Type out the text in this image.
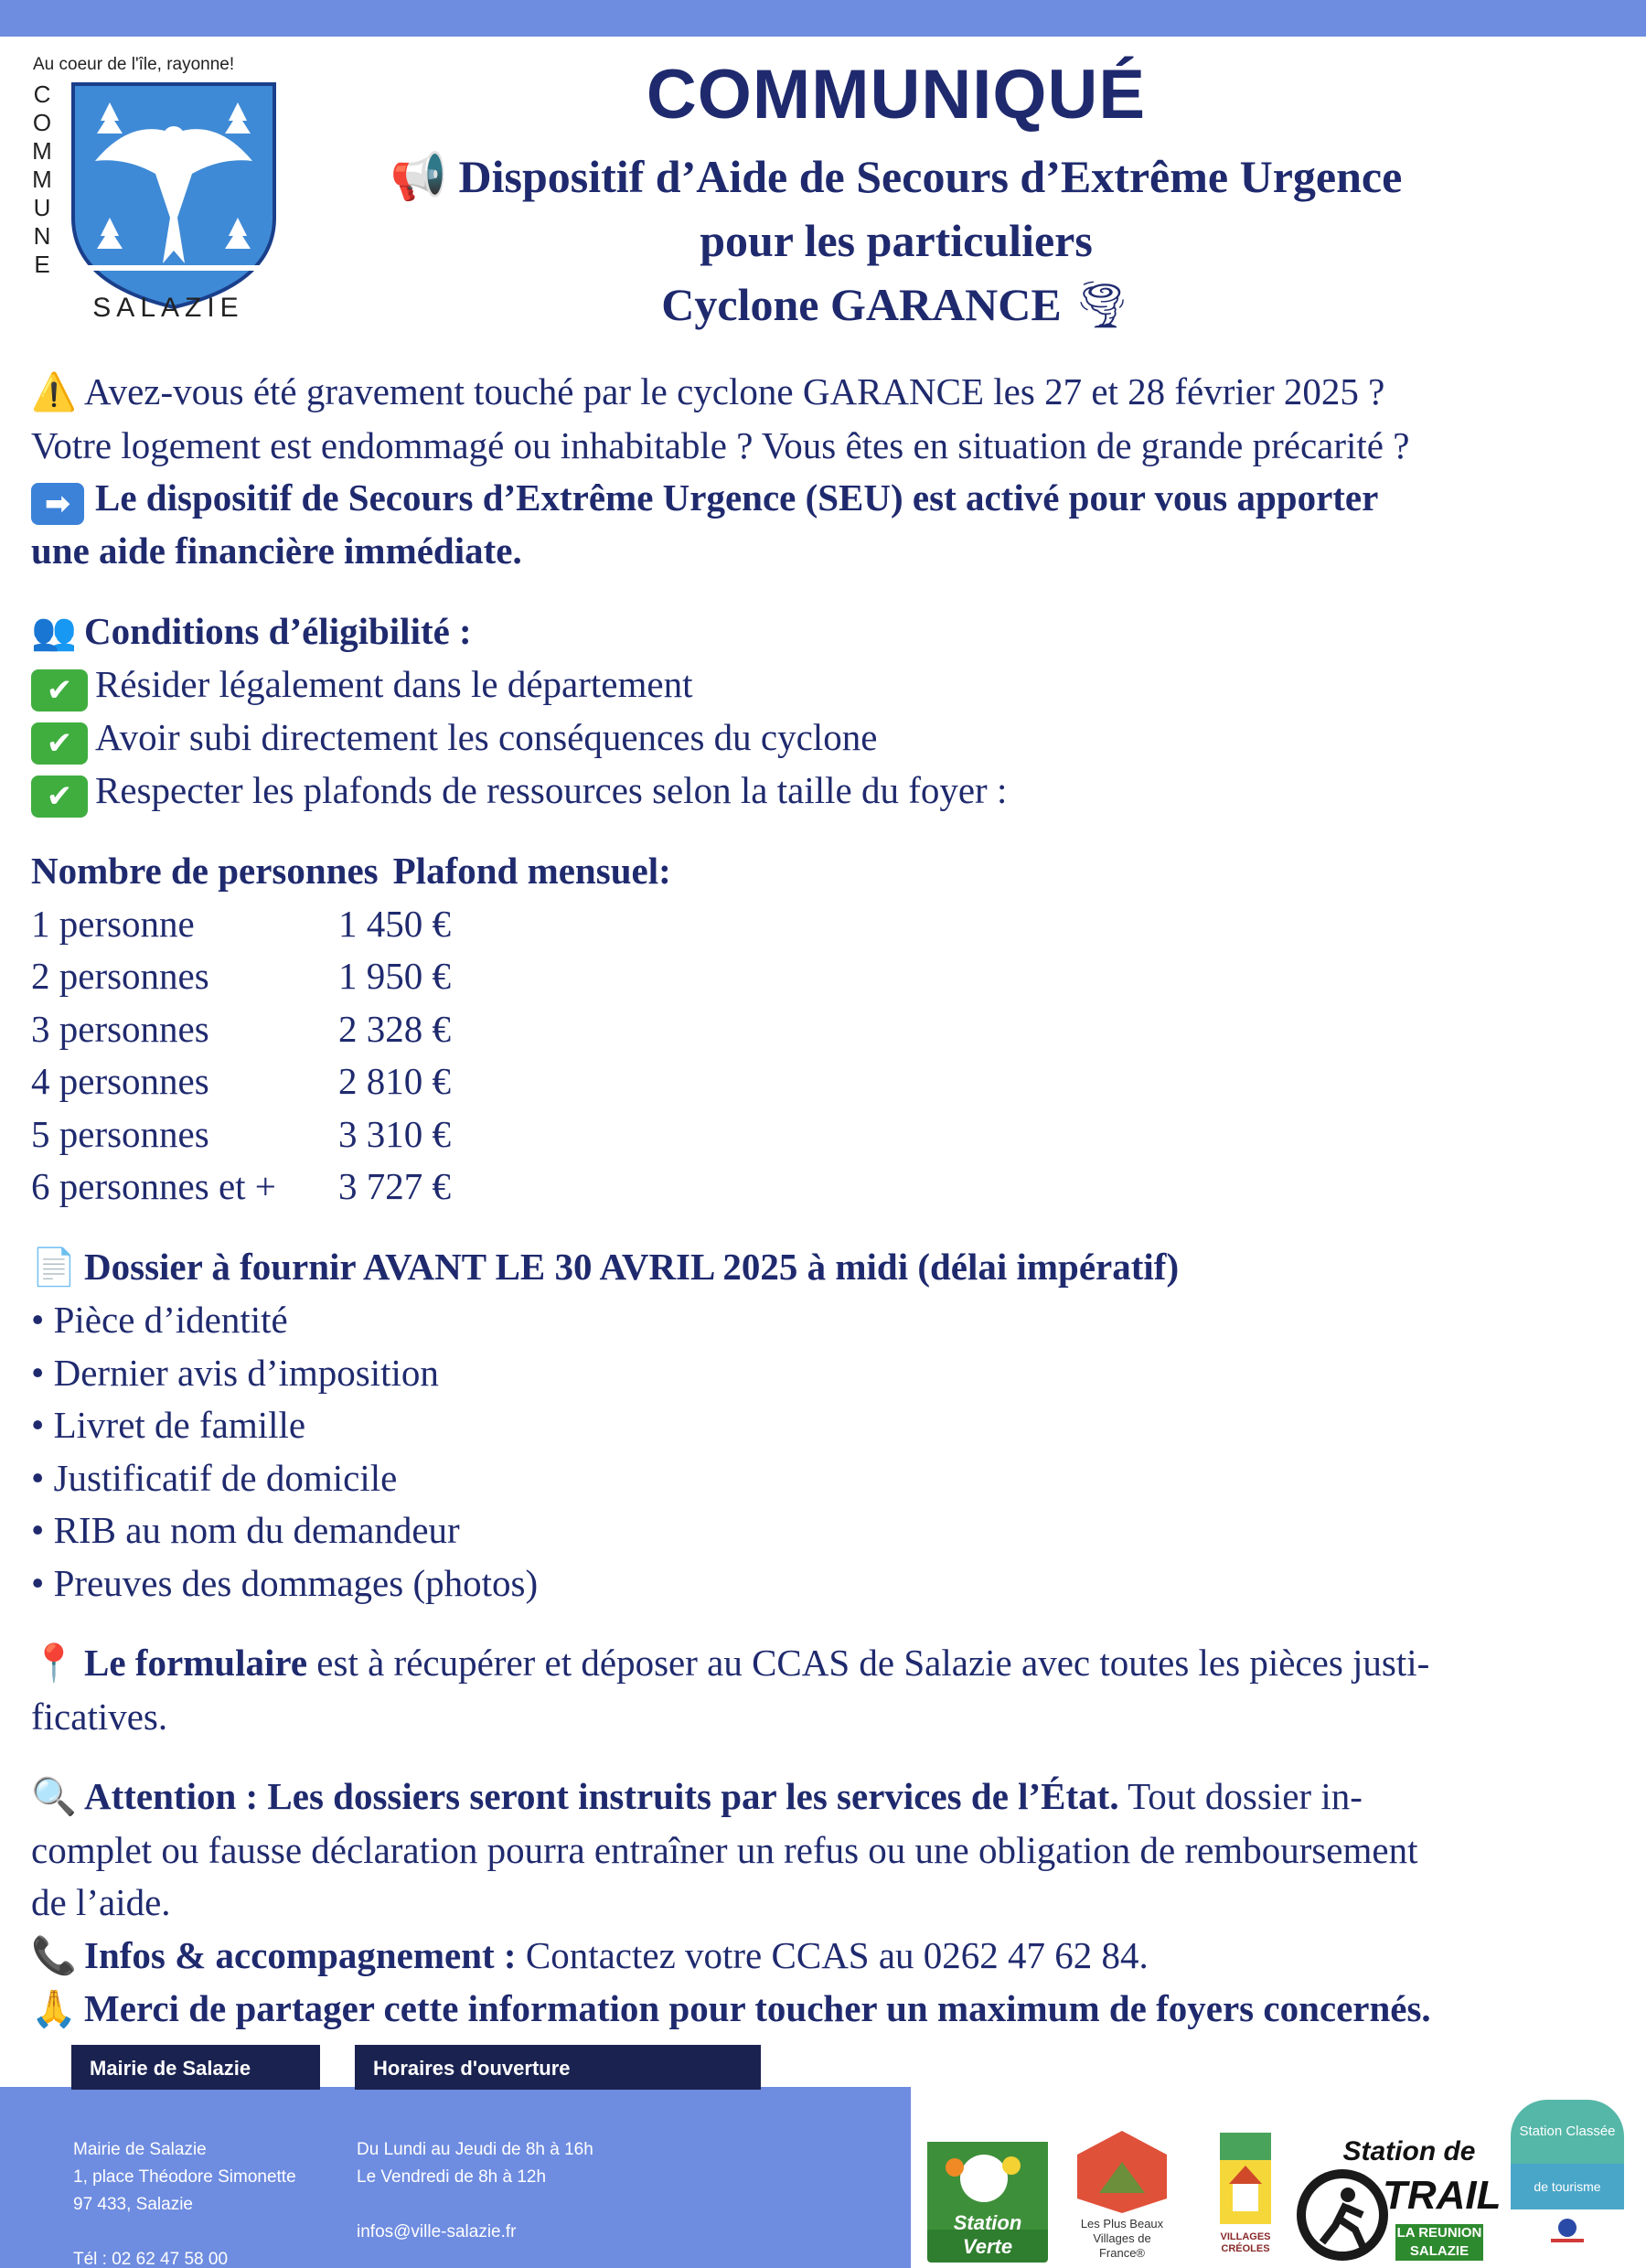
Au coeur de l'île, rayonne!
COMMUNE
SALAZIE
COMMUNIQUÉ
📢 Dispositif d’Aide de Secours d’Extrême Urgence
pour les particuliers
Cyclone GARANCE 🌪

⚠️ Avez-vous été gravement touché par le cyclone GARANCE les 27 et 28 février 2025 ?

Votre logement est endommagé ou inhabitable ? Vous êtes en situation de grande précarité ?

➡ Le dispositif de Secours d’Extrême Urgence (SEU) est activé pour vous apporter

une aide financière immédiate.

👥 Conditions d’éligibilité :

✔ Résider légalement dans le département

✔ Avoir subi directement les conséquences du cyclone

✔ Respecter les plafonds de ressources selon la taille du foyer :

Nombre de personnes Plafond mensuel:
1 personne	1 450 €
2 personnes	1 950 €
3 personnes	2 328 €
4 personnes	2 810 €
5 personnes	3 310 €
6 personnes et +	3 727 €

📄 Dossier à fournir AVANT LE 30 AVRIL 2025 à midi (délai impératif)

• Pièce d’identité
• Dernier avis d’imposition
• Livret de famille
• Justificatif de domicile
• RIB au nom du demandeur
• Preuves des dommages (photos)

📍 Le formulaire est à récupérer et déposer au CCAS de Salazie avec toutes les pièces justi-

ficatives.

🔍 Attention : Les dossiers seront instruits par les services de l’État. Tout dossier in-

complet ou fausse déclaration pourra entraîner un refus ou une obligation de remboursement

de l’aide.

📞 Infos & accompagnement : Contactez votre CCAS au 0262 47 62 84.

🙏 Merci de partager cette information pour toucher un maximum de foyers concernés.

Mairie de Salazie	Horaires d'ouverture
Mairie de Salazie
1, place Théodore Simonette
97 433, Salazie
Tél : 02 62 47 58 00
Du Lundi au Jeudi de 8h à 16h
Le Vendredi de 8h à 12h
infos@ville-salazie.fr	Station Verte
Les Plus Beaux Villages de France®
VILLAGES CRÉOLES
Station de
TRAIL
LA REUNION SALAZIE
Station Classée
de tourisme
